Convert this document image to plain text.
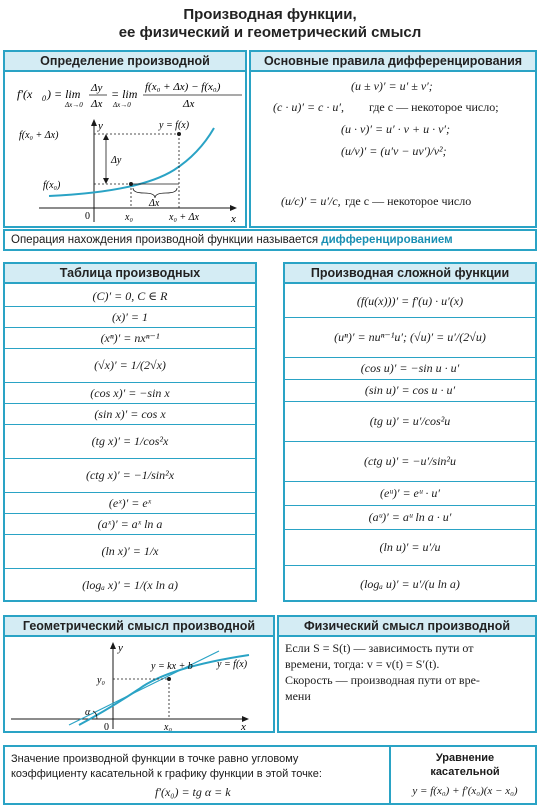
Производная функции,
ее физический и геометрический смысл
Определение производной
f′(x 0 ) = lim
Δx→0
Δy
Δx
= lim
Δx→0
f(x₀ + Δx) − f(x₀)
Δx
y
x
0
y = f(x)
f(x₀ + Δx)
f(x₀)
Δy
Δx
x₀	x₀ + Δx
Основные правила дифференцирования
(u ± v)′ = u′ ± v′;
(c · u)′ = c · u′, где c — некоторое число;
(u · v)′ = u′ · v + u · v′;
(u/v)′ = (u′v − uv′)/v²;
(u/c)′ = u′/c, где c — некоторое число
Операция нахождения производной функции называется дифференцированием
Таблица производных
(C)′ = 0, C ∈ R
(x)′ = 1
(xⁿ)′ = nxⁿ⁻¹
(√x)′ = 1/(2√x)
(cos x)′ = −sin x
(sin x)′ = cos x
(tg x)′ = 1/cos²x
(ctg x)′ = −1/sin²x
(eˣ)′ = eˣ
(aˣ)′ = aˣ ln a
(ln x)′ = 1/x
(logₐ x)′ = 1/(x ln a)
Производная сложной функции
(f(u(x)))′ = f′(u) · u′(x)
(uⁿ)′ = nuⁿ⁻¹u′; (√u)′ = u′/(2√u)
(cos u)′ = −sin u · u′
(sin u)′ = cos u · u′
(tg u)′ = u′/cos²u
(ctg u)′ = −u′/sin²u
(eᵘ)′ = eᵘ · u′
(aᵘ)′ = aᵘ ln a · u′
(ln u)′ = u′/u
(logₐ u)′ = u′/(u ln a)
Геометрический смысл производной
y
x
0
y₀
x₀
α
y = kx + b y = f(x)
Физический смысл производной
Если S = S(t) — зависимость пути от
времени, тогда: v = v(t) = S′(t).
Скорость — производная пути от вре-
мени
Значение производной функции в точке равно угловому
коэффициенту касательной к графику функции в этой точке:
f′(x₀) = tg α = k
Уравнение
касательной
y = f(x₀) + f′(x₀)(x − x₀)
